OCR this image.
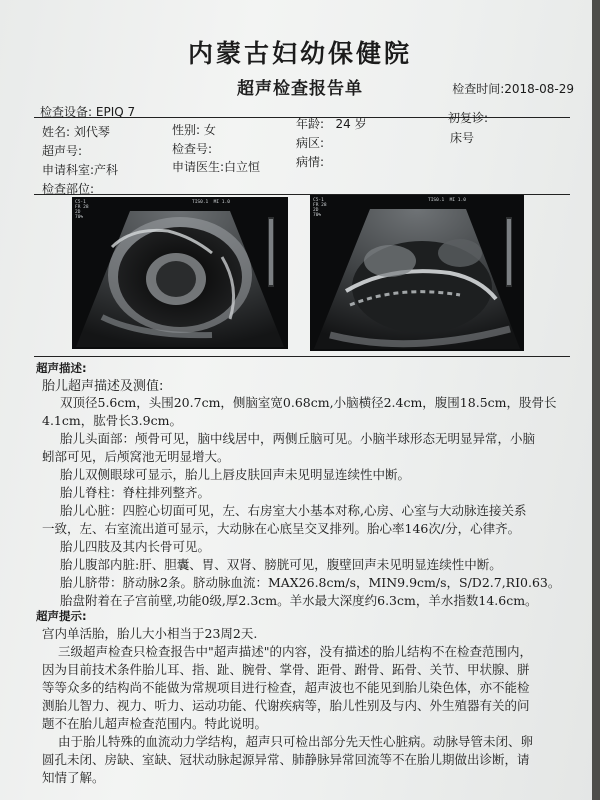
内蒙古妇幼保健院
超声检查报告单	检查时间:2018-08-29
检查设备: EPIQ 7
姓名: 刘代琴	性别: 女	年龄: 24 岁	初复诊:
超声号:	检查号:	病区:	床号
申请科室:产科	申请医生:白立恒	病情:
检查部位:
C5-1
FR 28
2D
70%
TIS0.1  MI 1.0	C5-1
FR 28
2D
70%
TIS0.1  MI 1.0
超声描述:
胎儿超声描述及测值:
双顶径5.6cm，头围20.7cm，侧脑室宽0.68cm,小脑横径2.4cm，腹围18.5cm，股骨长
4.1cm，肱骨长3.9cm。
胎儿头面部：颅骨可见，脑中线居中，两侧丘脑可见。小脑半球形态无明显异常，小脑
蚓部可见，后颅窝池无明显增大。
胎儿双侧眼球可显示，胎儿上唇皮肤回声未见明显连续性中断。
胎儿脊柱：脊柱排列整齐。
胎儿心脏：四腔心切面可见，左、右房室大小基本对称,心房、心室与大动脉连接关系
一致，左、右室流出道可显示，大动脉在心底呈交叉排列。胎心率146次/分，心律齐。
胎儿四肢及其内长骨可见。
胎儿腹部内脏:肝、胆囊、胃、双肾、膀胱可见，腹壁回声未见明显连续性中断。
胎儿脐带：脐动脉2条。脐动脉血流：MAX26.8cm/s，MIN9.9cm/s，S/D2.7,RI0.63。
胎盘附着在子宫前壁,功能0级,厚2.3cm。羊水最大深度约6.3cm，羊水指数14.6cm。
超声提示:
宫内单活胎，胎儿大小相当于23周2天.
三级超声检查只检查报告中"超声描述"的内容，没有描述的胎儿结构不在检查范围内，
因为目前技术条件胎儿耳、指、趾、腕骨、掌骨、距骨、跗骨、跖骨、关节、甲状腺、胼
等等众多的结构尚不能做为常规项目进行检查，超声波也不能见到胎儿染色体，亦不能检
测胎儿智力、视力、听力、运动功能、代谢疾病等，胎儿性别及与内、外生殖器有关的问
题不在胎儿超声检查范围内。特此说明。
由于胎儿特殊的血流动力学结构，超声只可检出部分先天性心脏病。动脉导管未闭、卵
圆孔未闭、房缺、室缺、冠状动脉起源异常、肺静脉异常回流等不在胎儿期做出诊断，请
知情了解。
